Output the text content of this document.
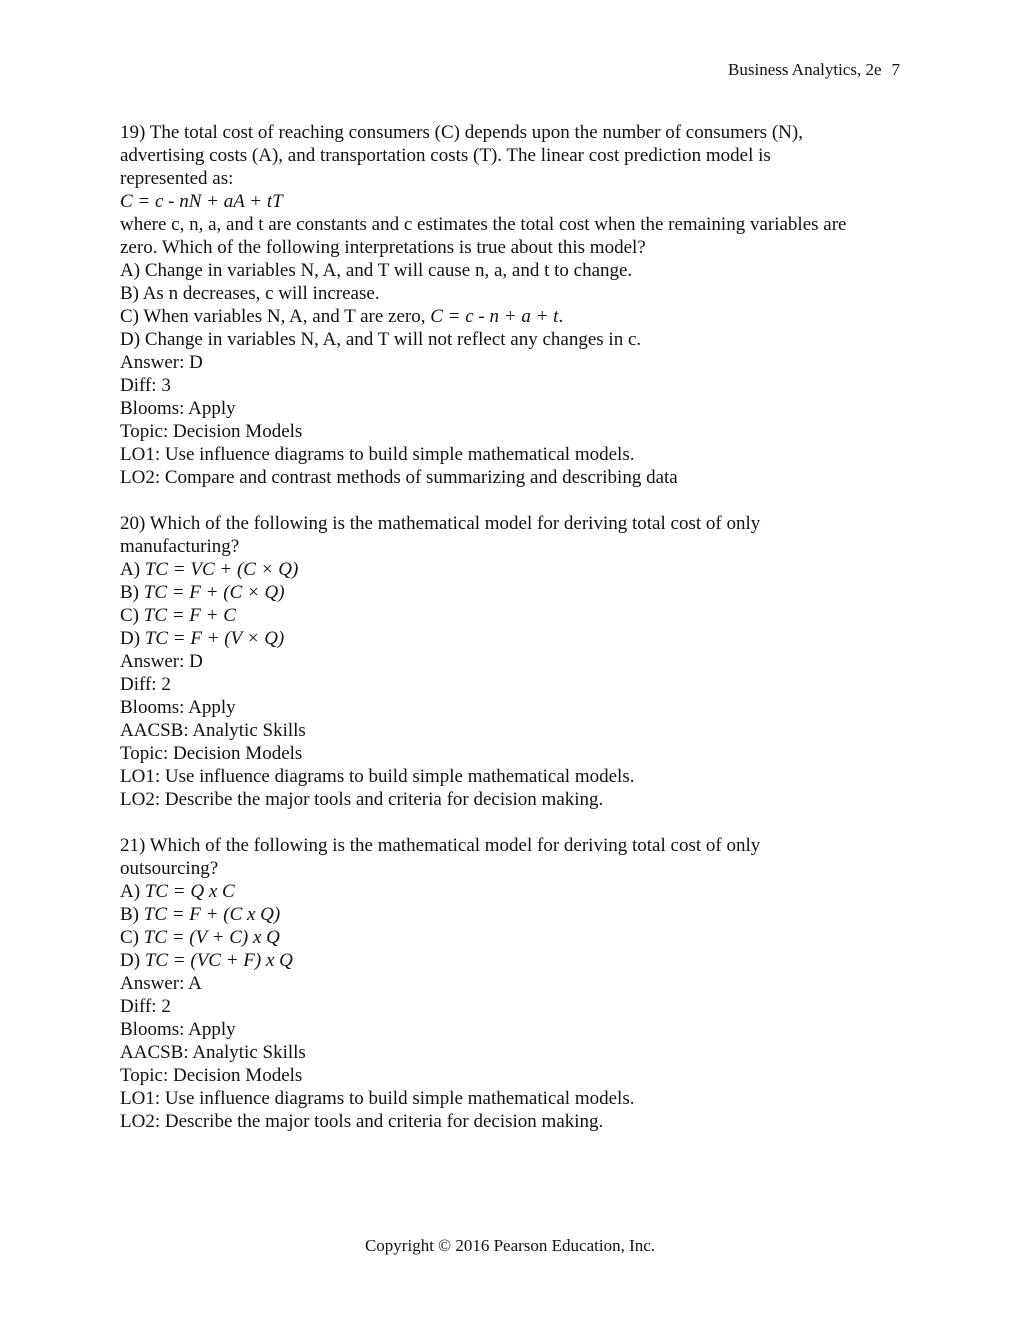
Business Analytics, 2e 7
19) The total cost of reaching consumers (C) depends upon the number of consumers (N),
advertising costs (A), and transportation costs (T). The linear cost prediction model is
represented as:
C = c - nN + aA + tT
where c, n, a, and t are constants and c estimates the total cost when the remaining variables are
zero. Which of the following interpretations is true about this model?
A) Change in variables N, A, and T will cause n, a, and t to change.
B) As n decreases, c will increase.
C) When variables N, A, and T are zero, C = c - n + a + t.
D) Change in variables N, A, and T will not reflect any changes in c.
Answer: D
Diff: 3
Blooms: Apply
Topic: Decision Models
LO1: Use influence diagrams to build simple mathematical models.
LO2: Compare and contrast methods of summarizing and describing data
20) Which of the following is the mathematical model for deriving total cost of only
manufacturing?
A) TC = VC + (C × Q)
B) TC = F + (C × Q)
C) TC = F + C
D) TC = F + (V × Q)
Answer: D
Diff: 2
Blooms: Apply
AACSB: Analytic Skills
Topic: Decision Models
LO1: Use influence diagrams to build simple mathematical models.
LO2: Describe the major tools and criteria for decision making.
21) Which of the following is the mathematical model for deriving total cost of only
outsourcing?
A) TC = Q x C
B) TC = F + (C x Q)
C) TC = (V + C) x Q
D) TC = (VC + F) x Q
Answer: A
Diff: 2
Blooms: Apply
AACSB: Analytic Skills
Topic: Decision Models
LO1: Use influence diagrams to build simple mathematical models.
LO2: Describe the major tools and criteria for decision making.
Copyright © 2016 Pearson Education, Inc.
